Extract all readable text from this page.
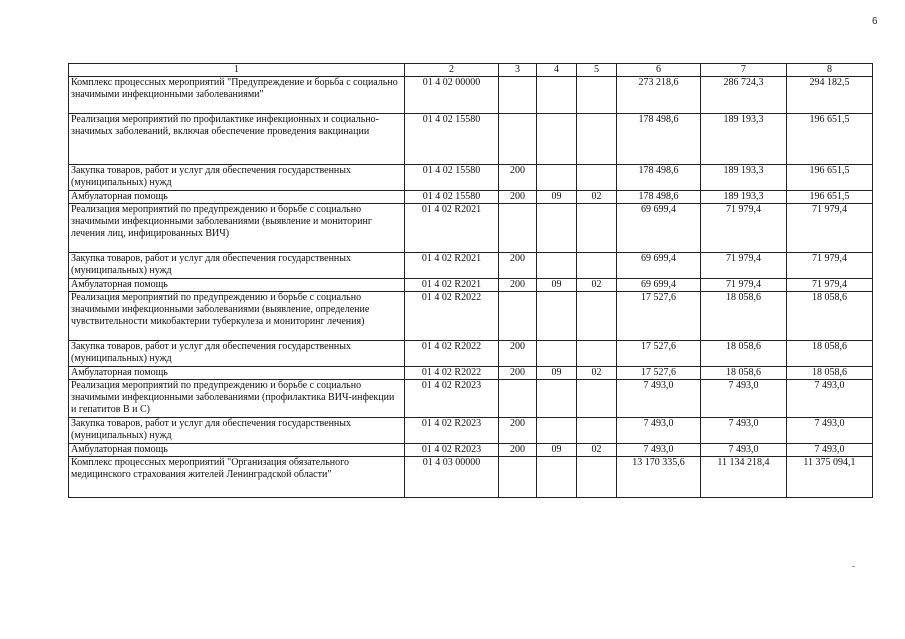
6
1	2	3	4	5	6	7	8
Комплекс процессных мероприятий "Предупреждение и борьба с социально значимыми инфекционными заболеваниями"	01 4 02 00000				273 218,6	286 724,3	294 182,5
Реализация мероприятий по профилактике инфекционных и социально-значимых заболеваний, включая обеспечение проведения вакцинации	01 4 02 15580				178 498,6	189 193,3	196 651,5
Закупка товаров, работ и услуг для обеспечения государственных (муниципальных) нужд	01 4 02 15580	200			178 498,6	189 193,3	196 651,5
Амбулаторная помощь	01 4 02 15580	200	09	02	178 498,6	189 193,3	196 651,5
Реализация мероприятий по предупреждению и борьбе с социально значимыми инфекционными заболеваниями (выявление и мониторинг лечения лиц, инфицированных ВИЧ)	01 4 02 R2021				69 699,4	71 979,4	71 979,4
Закупка товаров, работ и услуг для обеспечения государственных (муниципальных) нужд	01 4 02 R2021	200			69 699,4	71 979,4	71 979,4
Амбулаторная помощь	01 4 02 R2021	200	09	02	69 699,4	71 979,4	71 979,4
Реализация мероприятий по предупреждению и борьбе с социально значимыми инфекционными заболеваниями (выявление, определение чувствительности микобактерии туберкулеза и мониторинг лечения)	01 4 02 R2022				17 527,6	18 058,6	18 058,6
Закупка товаров, работ и услуг для обеспечения государственных (муниципальных) нужд	01 4 02 R2022	200			17 527,6	18 058,6	18 058,6
Амбулаторная помощь	01 4 02 R2022	200	09	02	17 527,6	18 058,6	18 058,6
Реализация мероприятий по предупреждению и борьбе с социально значимыми инфекционными заболеваниями (профилактика ВИЧ-инфекции и гепатитов В и С)	01 4 02 R2023				7 493,0	7 493,0	7 493,0
Закупка товаров, работ и услуг для обеспечения государственных (муниципальных) нужд	01 4 02 R2023	200			7 493,0	7 493,0	7 493,0
Амбулаторная помощь	01 4 02 R2023	200	09	02	7 493,0	7 493,0	7 493,0
Комплекс процессных мероприятий "Организация обязательного медицинского страхования жителей Ленинградской области"	01 4 03 00000				13 170 335,6	11 134 218,4	11 375 094,1
